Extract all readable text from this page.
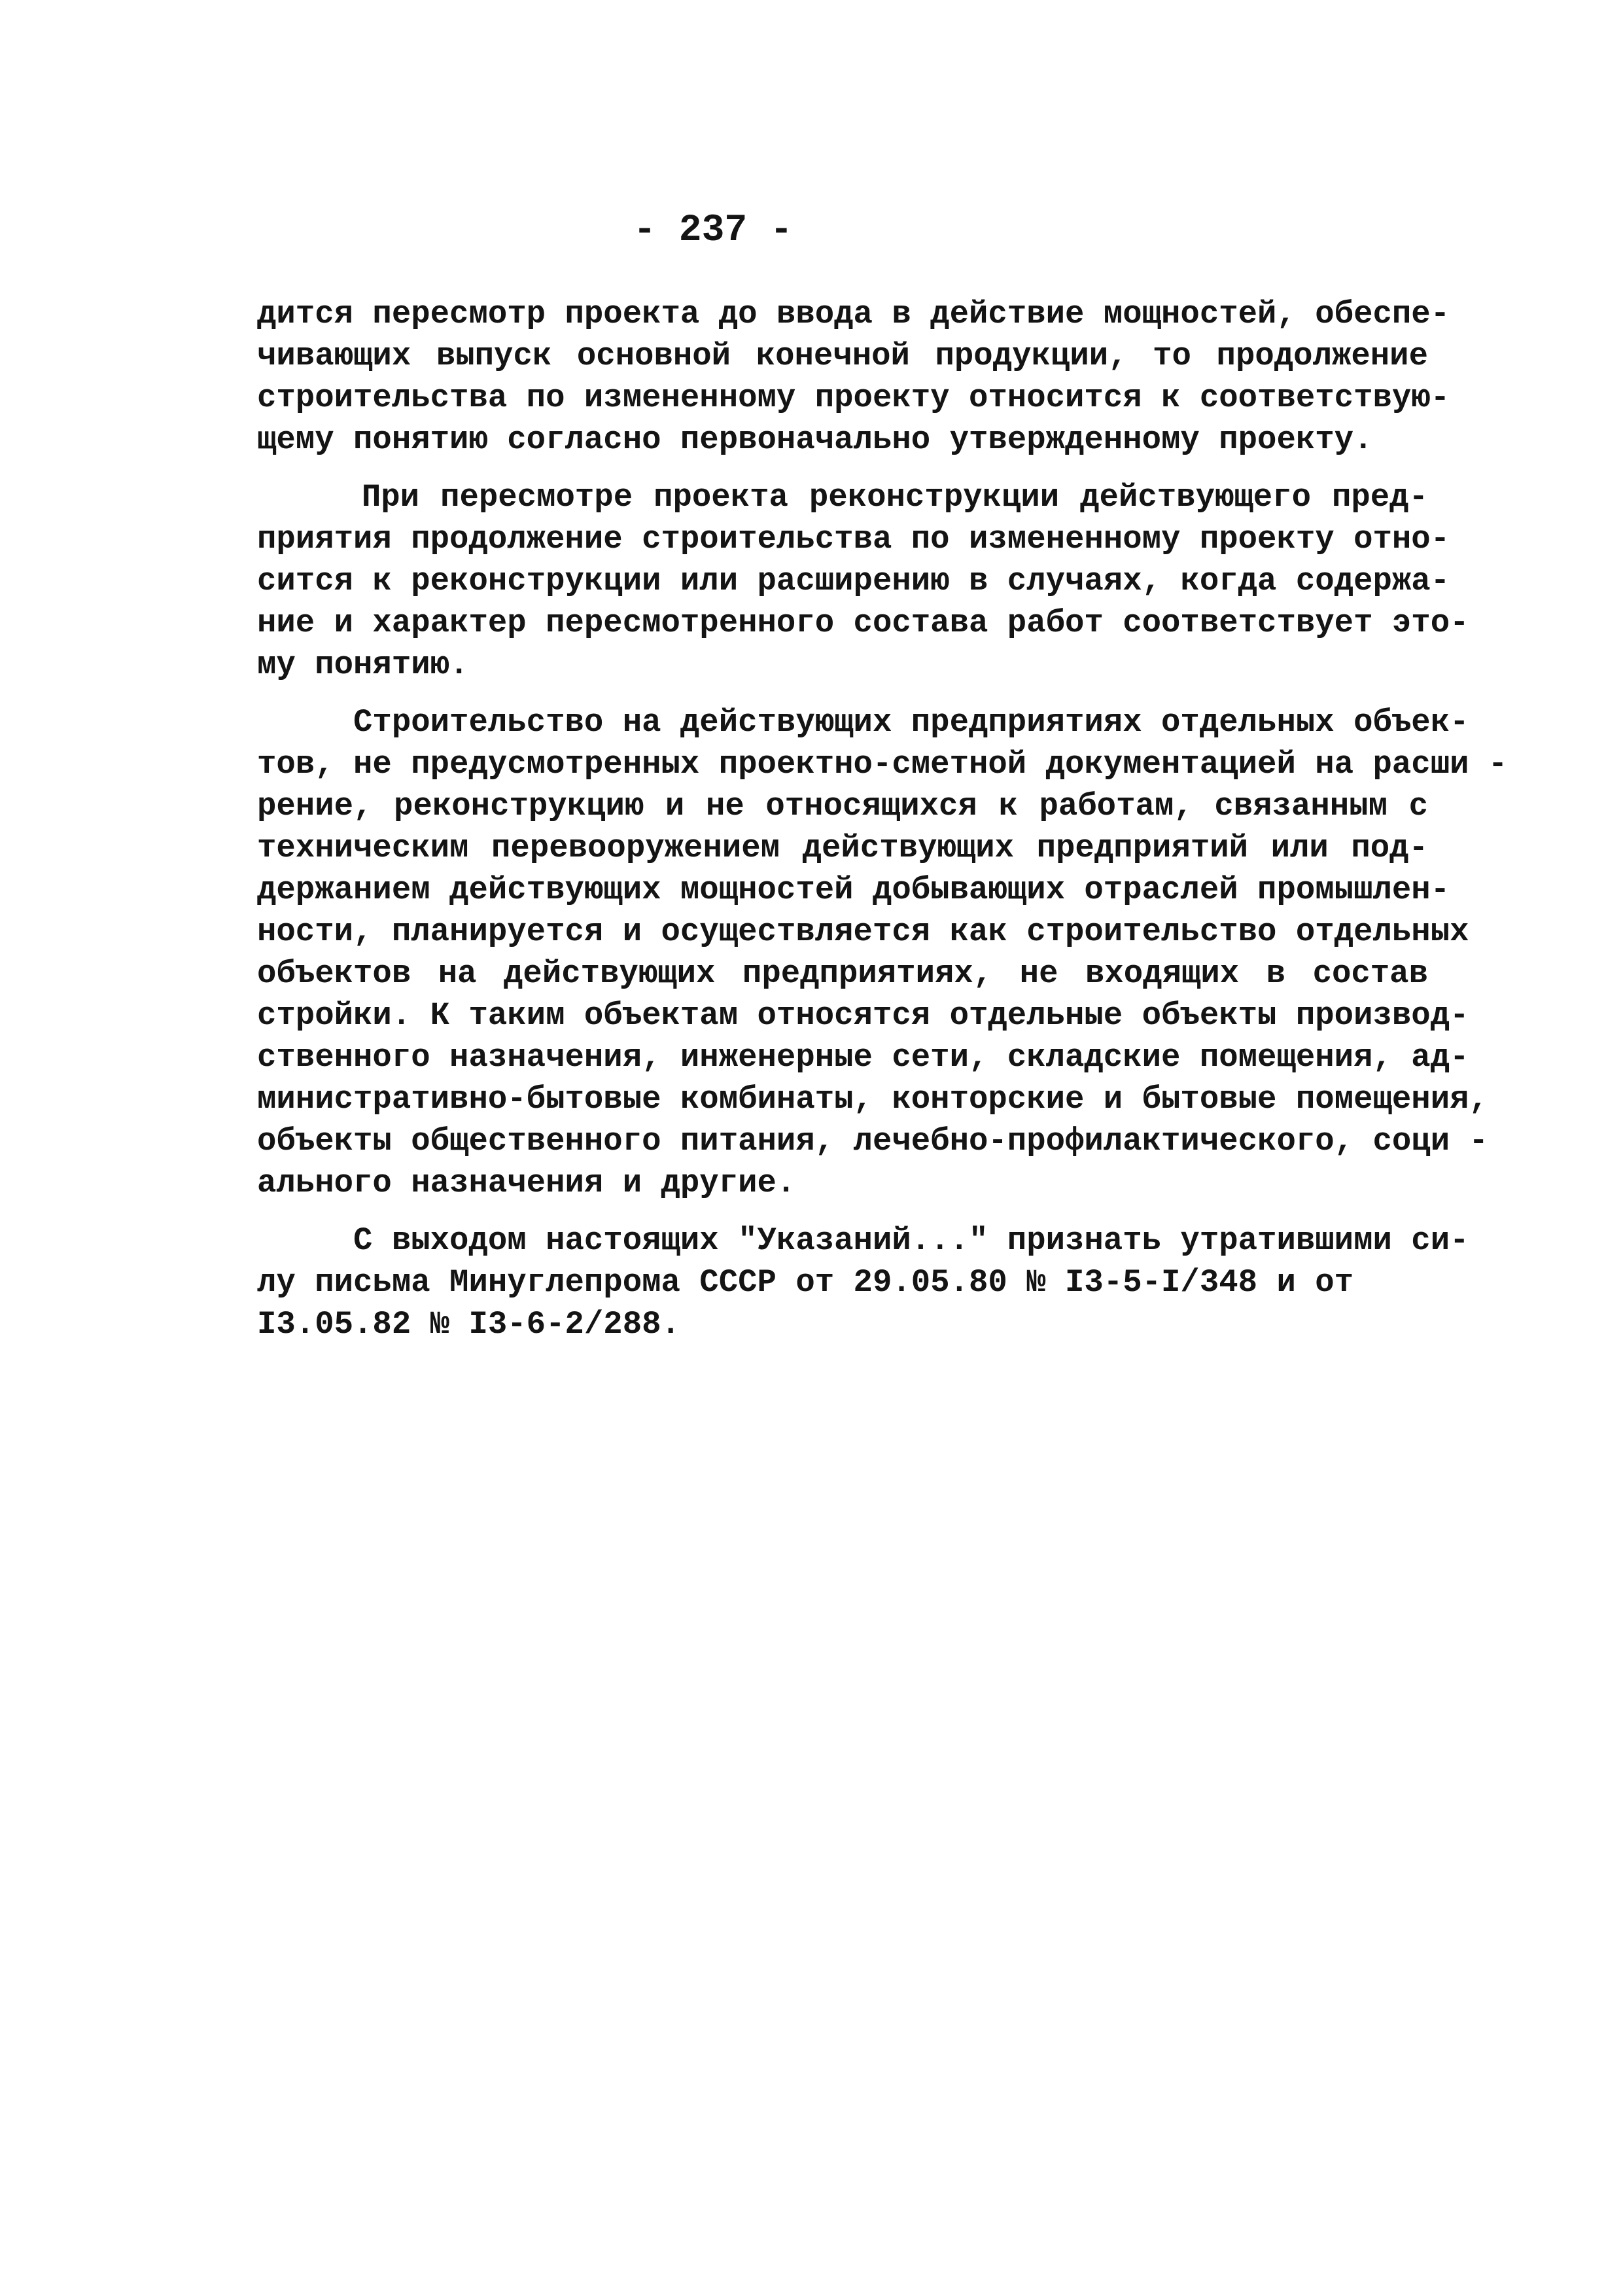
- 237 -
дится пересмотр проекта до ввода в действие мощностей, обеспе-
чивающих выпуск основной конечной продукции, то продолжение
строительства по измененному проекту относится к соответствую-
щему понятию согласно первоначально утвержденному проекту.
При пересмотре проекта реконструкции действующего пред-
приятия продолжение строительства по измененному проекту отно-
сится к реконструкции или расширению в случаях, когда содержа-
ние и характер пересмотренного состава работ соответствует это-
му понятию.
Строительство на действующих предприятиях отдельных объек-
тов, не предусмотренных проектно-сметной документацией на расши -
рение, реконструкцию и не относящихся к работам, связанным с
техническим перевооружением действующих предприятий или под-
держанием действующих мощностей добывающих отраслей промышлен-
ности, планируется и осуществляется как строительство отдельных
объектов на действующих предприятиях, не входящих в состав
стройки. К таким объектам относятся отдельные объекты производ-
ственного назначения, инженерные сети, складские помещения, ад-
министративно-бытовые комбинаты, конторские и бытовые помещения,
объекты общественного питания, лечебно-профилактического, соци -
ального назначения и другие.
С выходом настоящих "Указаний..." признать утратившими си-
лу письма Минуглепрома СССР от 29.05.80 № I3-5-I/348 и от
I3.05.82 № I3-6-2/288.
